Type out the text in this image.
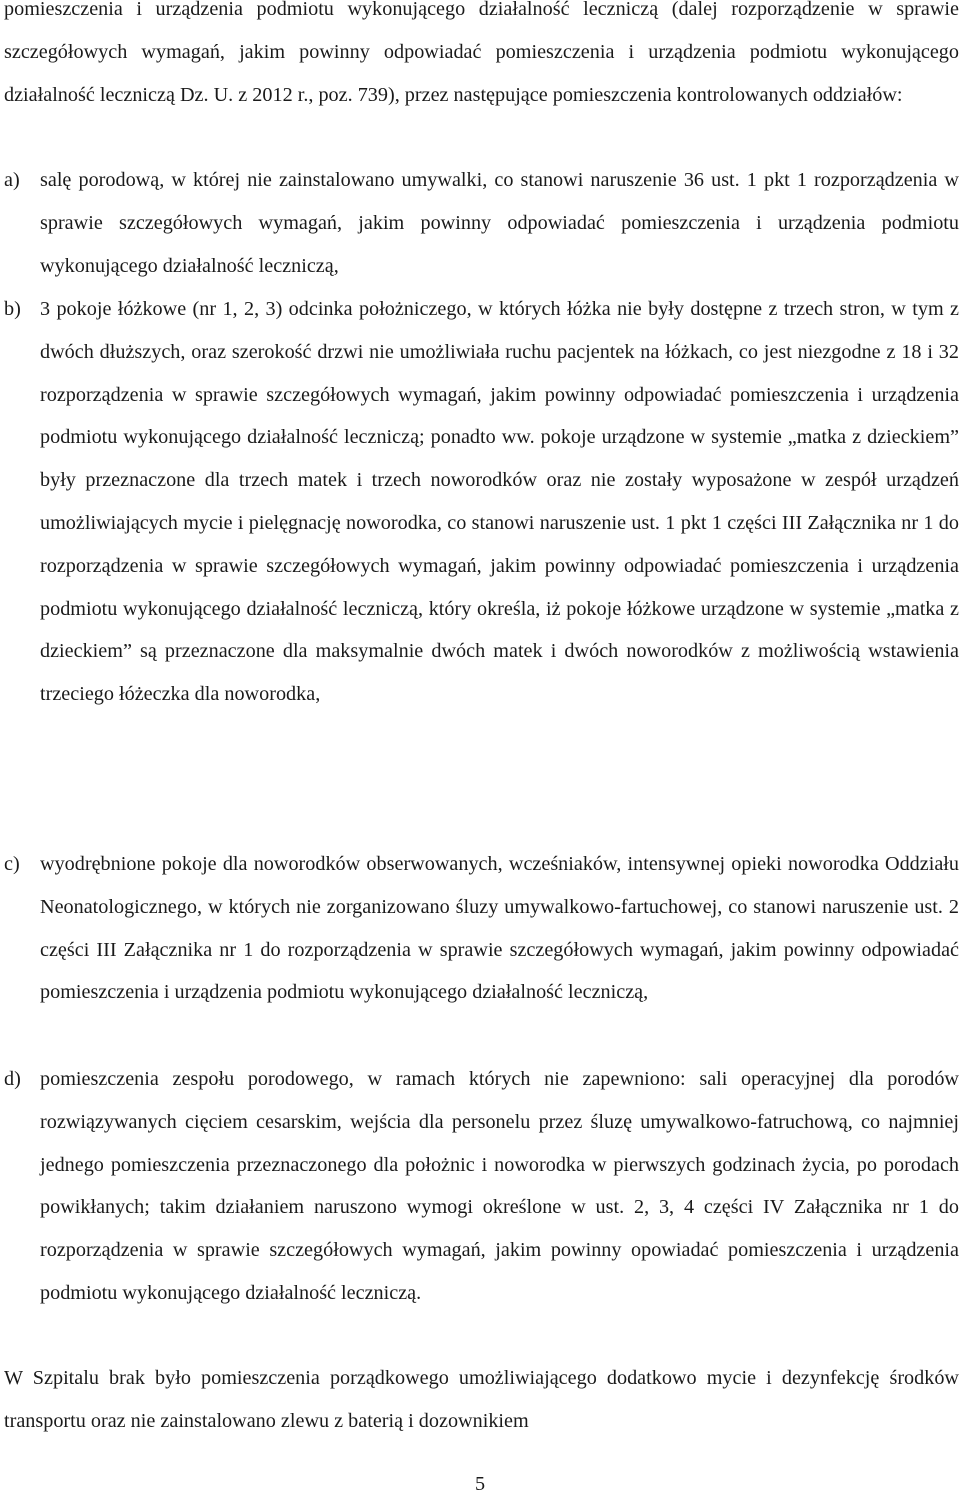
pomieszczenia i urządzenia podmiotu wykonującego działalność leczniczą (dalej rozporządzenie w sprawie szczegółowych wymagań, jakim powinny odpowiadać pomieszczenia i urządzenia podmiotu wykonującego działalność leczniczą Dz. U. z 2012 r., poz. 739), przez następujące pomieszczenia kontrolowanych oddziałów:

a)	salę porodową, w której nie zainstalowano umywalki, co stanowi naruszenie 36 ust. 1 pkt 1 rozporządzenia w sprawie szczegółowych wymagań, jakim powinny odpowiadać pomieszczenia i urządzenia podmiotu wykonującego działalność leczniczą,
b) 3 pokoje łóżkowe (nr 1, 2, 3) odcinka położniczego, w których łóżka nie były dostępne z trzech stron, w tym z dwóch dłuższych, oraz szerokość drzwi nie umożliwiała ruchu pacjentek na łóżkach, co jest niezgodne z 18 i 32 rozporządzenia w sprawie szczegółowych wymagań, jakim powinny odpowiadać pomieszczenia i urządzenia podmiotu wykonującego działalność leczniczą; ponadto ww. pokoje urządzone w systemie „matka z dzieckiem” były przeznaczone dla trzech matek i trzech noworodków oraz nie zostały wyposażone w zespół urządzeń umożliwiających mycie i pielęgnację noworodka, co stanowi naruszenie ust. 1 pkt 1 części III Załącznika nr 1 do rozporządzenia w sprawie szczegółowych wymagań, jakim powinny odpowiadać pomieszczenia i urządzenia podmiotu wykonującego działalność leczniczą, który określa, iż pokoje łóżkowe urządzone w systemie „matka z dzieckiem” są przeznaczone dla maksymalnie dwóch matek i dwóch noworodków z możliwością wstawienia trzeciego łóżeczka dla noworodka,
c)	wyodrębnione pokoje dla noworodków obserwowanych, wcześniaków, intensywnej opieki noworodka Oddziału Neonatologicznego, w których nie zorganizowano śluzy umywalkowo-fartuchowej, co stanowi naruszenie ust. 2 części III Załącznika nr 1 do rozporządzenia w sprawie szczegółowych wymagań, jakim powinny odpowiadać pomieszczenia i urządzenia podmiotu wykonującego działalność leczniczą,
d) pomieszczenia zespołu porodowego, w ramach których nie zapewniono: sali operacyjnej dla porodów rozwiązywanych cięciem cesarskim, wejścia dla personelu przez śluzę umywalkowo-fatruchową, co najmniej jednego pomieszczenia przeznaczonego dla położnic i noworodka w pierwszych godzinach życia, po porodach powikłanych; takim działaniem naruszono wymogi określone w ust. 2, 3, 4 części IV Załącznika nr 1 do rozporządzenia w sprawie szczegółowych wymagań, jakim powinny opowiadać pomieszczenia i urządzenia podmiotu wykonującego działalność leczniczą.

W Szpitalu brak było pomieszczenia porządkowego umożliwiającego dodatkowo mycie i dezynfekcję środków transportu oraz nie zainstalowano zlewu z baterią i dozownikiem

5
